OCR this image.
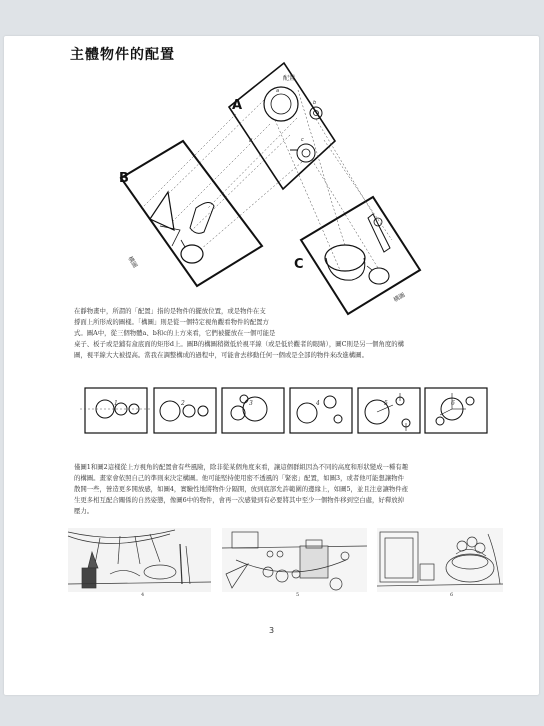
主體物件的配置
配置
A
B
C
構圖
構圖
a
b
c
d
在靜物畫中，所謂的「配置」指的是物件的擺放位置，或是物件在支
撐面上所形成的圖樣。「構圖」則是從一個特定視角觀看物件的配置方
式。圖A中，從三個物體a、b和c的上方來看，它們被擺放在一個可能是
桌子、板子或是鋪有盒底面的矩形d上。圖B的構圖稍微低於視平線（或是低於觀者的眼睛），圖C則是另一個角度的構
圖，視平線大大被提高。當我在調整構成的過程中，可能會去移動任何一個或是全部的物件來改進構圖。
1	2	3	4	5	6
僅圖1和圖2這樣從上方視角的配置會有些風險，除非從某個角度來看，讓這個群組因為不同的高度和形狀變成一種有趣
的構圖。畫家會依照自己的準則來決定構圖。他可能堅持使用密不透風的「緊密」配置，如圖3，或者他可能想讓物件
散開一些，營造更多開放感，如圖4，實驗性地將物件分隔開，放到底部允許範圍的邊緣上，如圖5，並且注意讓物件產
生更多相互配合關係的自然姿態，像圖6中的物件，會再一次感覺到有必要將其中至少一個物件移到空白處，好釋放掉
壓力。
4	5	6
3
